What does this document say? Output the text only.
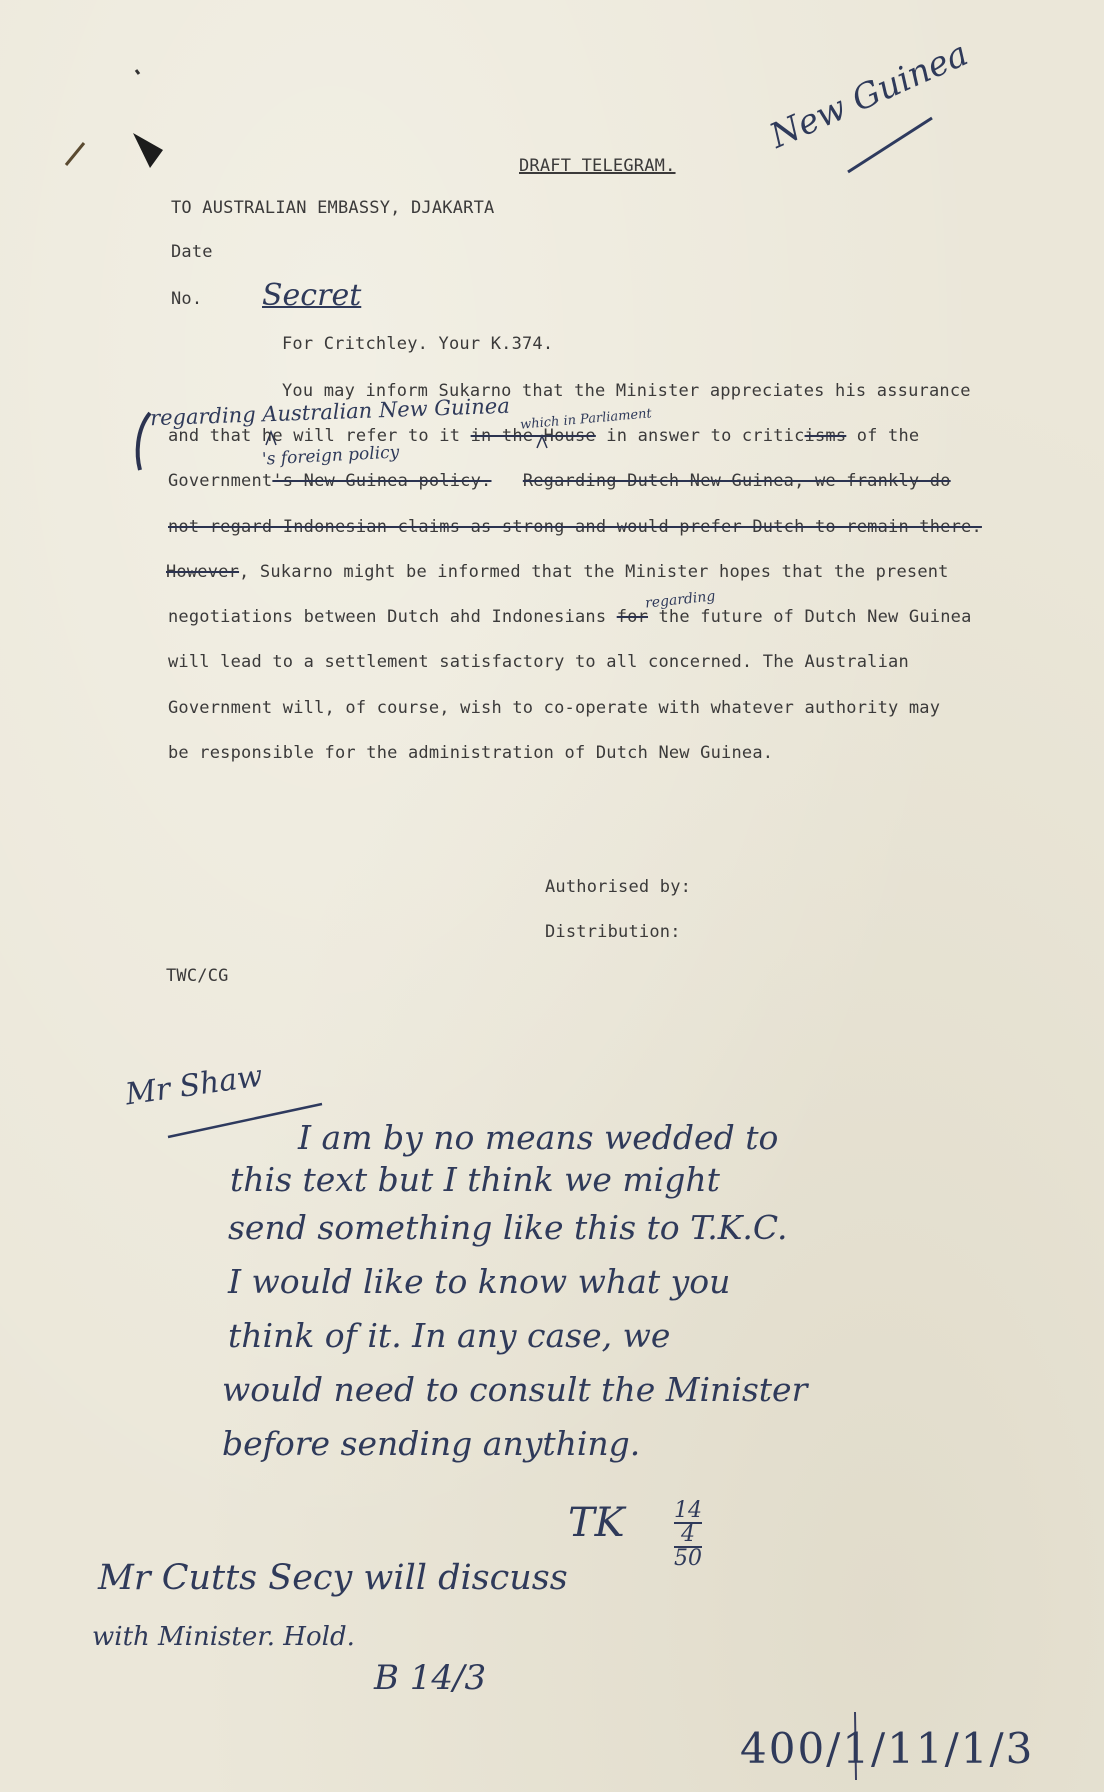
DRAFT TELEGRAM.
New Guinea
TO AUSTRALIAN EMBASSY, DJAKARTA
Date
No. Secret
For Critchley. Your K.374.
You may inform Sukarno that the Minister appreciates his assurance
regarding Australian New Guinea which in Parliament
and that he will refer to it in the House in answer to criticisms of the
's foreign policy
Government's New Guinea policy. Regarding Dutch New Guinea, we frankly do
not regard Indonesian claims as strong and would prefer Dutch to remain there.
However, Sukarno might be informed that the Minister hopes that the present
regarding
negotiations between Dutch ahd Indonesians for the future of Dutch New Guinea
will lead to a settlement satisfactory to all concerned. The Australian
Government will, of course, wish to co-operate with whatever authority may
be responsible for the administration of Dutch New Guinea.
Authorised by:
Distribution:
TWC/CG
Mr Shaw
I am by no means wedded to
this text but I think we might
send something like this to T.K.C.
I would like to know what you
think of it. In any case, we
would need to consult the Minister
before sending anything.
TK 14
4
50
Mr Cutts Secy will discuss
with Minister. Hold.
B 14/3
400/1/11/1/3
